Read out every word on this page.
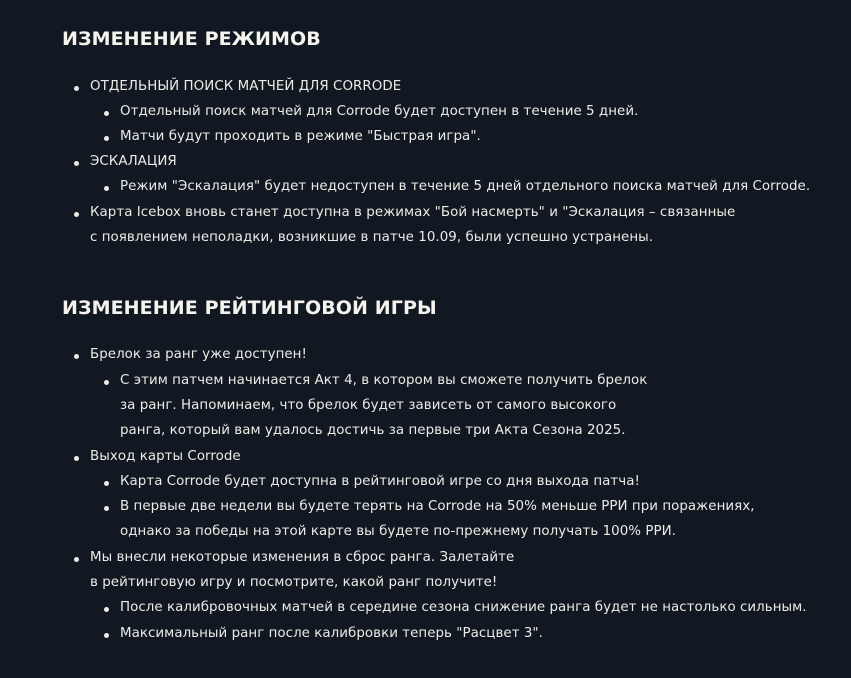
ИЗМЕНЕНИЕ РЕЖИМОВ
ОТДЕЛЬНЫЙ ПОИСК МАТЧЕЙ ДЛЯ CORRODE
Отдельный поиск матчей для Corrode будет доступен в течение 5 дней.
Матчи будут проходить в режиме "Быстрая игра".
ЭСКАЛАЦИЯ
Режим "Эскалация" будет недоступен в течение 5 дней отдельного поиска матчей для Corrode.
Карта Icebox вновь станет доступна в режимах "Бой насмерть" и "Эскалация – связанные
с появлением неполадки, возникшие в патче 10.09, были успешно устранены.
ИЗМЕНЕНИЕ РЕЙТИНГОВОЙ ИГРЫ
Брелок за ранг уже доступен!
С этим патчем начинается Акт 4, в котором вы сможете получить брелок
за ранг. Напоминаем, что брелок будет зависеть от самого высокого
ранга, который вам удалось достичь за первые три Акта Сезона 2025.
Выход карты Corrode
Карта Corrode будет доступна в рейтинговой игре со дня выхода патча!
В первые две недели вы будете терять на Corrode на 50% меньше РРИ при поражениях,
однако за победы на этой карте вы будете по-прежнему получать 100% РРИ.
Мы внесли некоторые изменения в сброс ранга. Залетайте
в рейтинговую игру и посмотрите, какой ранг получите!
После калибровочных матчей в середине сезона снижение ранга будет не настолько сильным.
Максимальный ранг после калибровки теперь "Расцвет 3".
